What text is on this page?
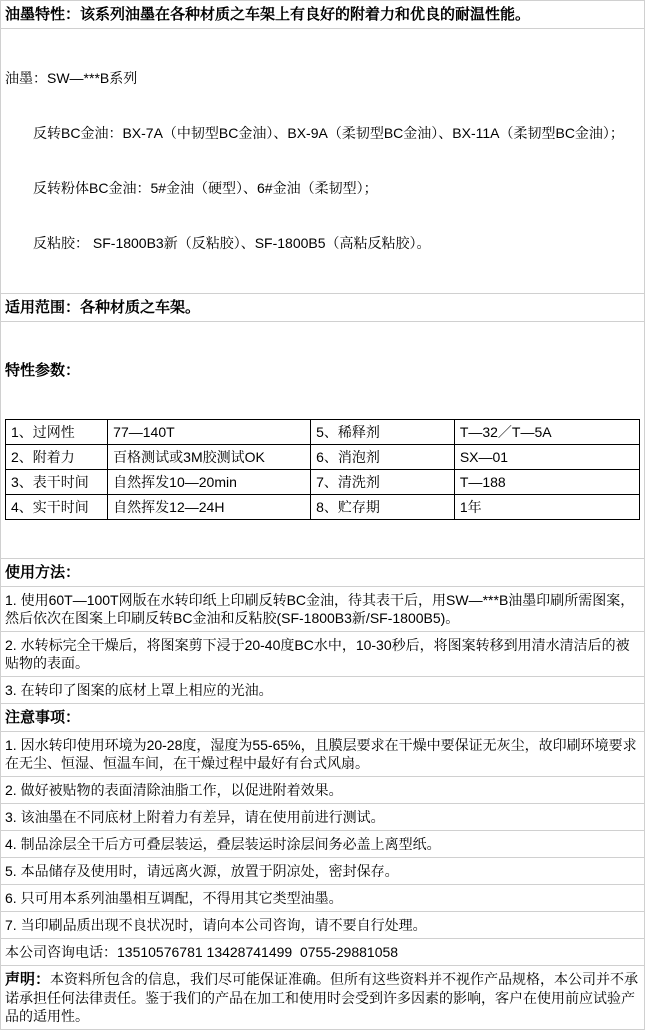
油墨特性：该系列油墨在各种材质之车架上有良好的附着力和优良的耐温性能。

油墨：SW—***B系列

反转BC金油：BX-7A（中韧型BC金油）、BX-9A（柔韧型BC金油）、BX-11A（柔韧型BC金油）；

反转粉体BC金油：5#金油（硬型）、6#金油（柔韧型）；

反粘胶： SF-1800B3新（反粘胶）、SF-1800B5（高粘反粘胶）。

适用范围：各种材质之车架。

特性参数：

1、过网性	77—140T	5、稀释剂	T—32／T—5A
2、附着力	百格测试或3M胶测试OK	6、消泡剂	SX—01
3、表干时间	自然挥发10—20min	7、清洗剂	T—188
4、实干时间	自然挥发12—24H	8、贮存期	1年

使用方法：
1. 使用60T—100T网版在水转印纸上印刷反转BC金油，待其表干后，用SW—***B油墨印刷所需图案，然后依次在图案上印刷反转BC金油和反粘胶(SF-1800B3新/SF-1800B5)。
2. 水转标完全干燥后，将图案剪下浸于20-40度BC水中，10-30秒后，将图案转移到用清水清洁后的被贴物的表面。
3. 在转印了图案的底材上罩上相应的光油。
注意事项：
1. 因水转印使用环境为20-28度，湿度为55-65%，且膜层要求在干燥中要保证无灰尘，故印刷环境要求在无尘、恒湿、恒温车间，在干燥过程中最好有台式风扇。
2. 做好被贴物的表面清除油脂工作，以促进附着效果。
3. 该油墨在不同底材上附着力有差异，请在使用前进行测试。
4. 制品涂层全干后方可叠层装运，叠层装运时涂层间务必盖上离型纸。
5. 本品储存及使用时，请远离火源，放置于阴凉处，密封保存。
6. 只可用本系列油墨相互调配，不得用其它类型油墨。
7. 当印刷品质出现不良状况时，请向本公司咨询，请不要自行处理。
本公司咨询电话：13510576781 13428741499  0755-29881058
声明：本资料所包含的信息，我们尽可能保证准确。但所有这些资料并不视作产品规格，本公司并不承诺承担任何法律责任。鉴于我们的产品在加工和使用时会受到许多因素的影响，客户在使用前应试验产品的适用性。
